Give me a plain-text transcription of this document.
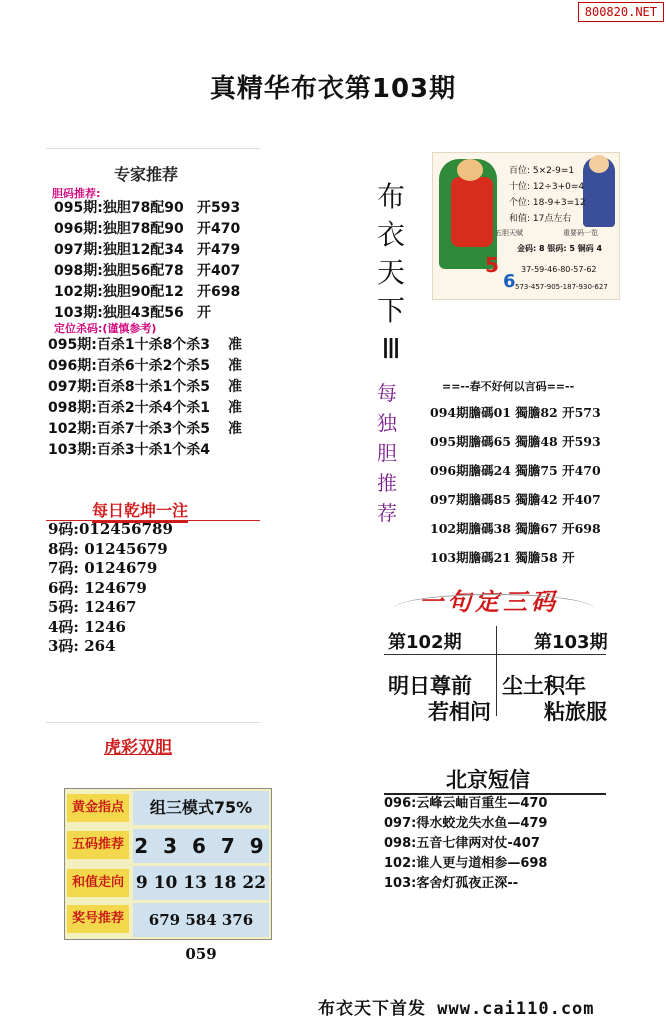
800820.NET
真精华布衣第103期
专家推荐
胆码推荐:
095期:独胆78配90 开593
096期:独胆78配90 开470
097期:独胆12配34 开479
098期:独胆56配78 开407
102期:独胆90配12 开698
103期:独胆43配56 开
定位杀码:(谨慎参考)
095期:百杀1十杀8个杀3 准
096期:百杀6十杀2个杀5 准
097期:百杀8十杀1个杀5 准
098期:百杀2十杀4个杀1 准
102期:百杀7十杀3个杀5 准
103期:百杀3十杀1个杀4
每日乾坤一注
9码:012456789
8码: 01245679
7码: 0124679
6码: 124679
5码: 12467
4码: 1246
3码: 264
虎彩双胆
黄金指点
五码推荐
和值走向
奖号推荐
组三模式75%
2 3 6 7 9
9 10 13 18 22
679 584 376 059
布
衣
天
下
Ⅲ
每
独
胆
推
荐
5
6
百位: 5×2-9=1
十位: 12÷3+0=4
个位: 18-9+3=12
和值: 17点左右
五胆天赋	重要码一览
金码: 8 银码: 5 铜码 4
37-59-46-80-57-62
573-457-905-187-930-627
==--春不好何以言码==--
094期膽碼01 獨膽82 开573
095期膽碼65 獨膽48 开593
096期膽碼24 獨膽75 开470
097期膽碼85 獨膽42 开407
102期膽碼38 獨膽67 开698
103期膽碼21 獨膽58 开
一句定三码
第102期	第103期
明日尊前
若相问
尘土积年
粘旅服
北京短信
096:云峰云岫百重生—470
097:得水蛟龙失水鱼—479
098:五音七律两对仗-407
102:谁人更与道相参—698
103:客舍灯孤夜正深--
布衣天下首发 www.cai110.com
